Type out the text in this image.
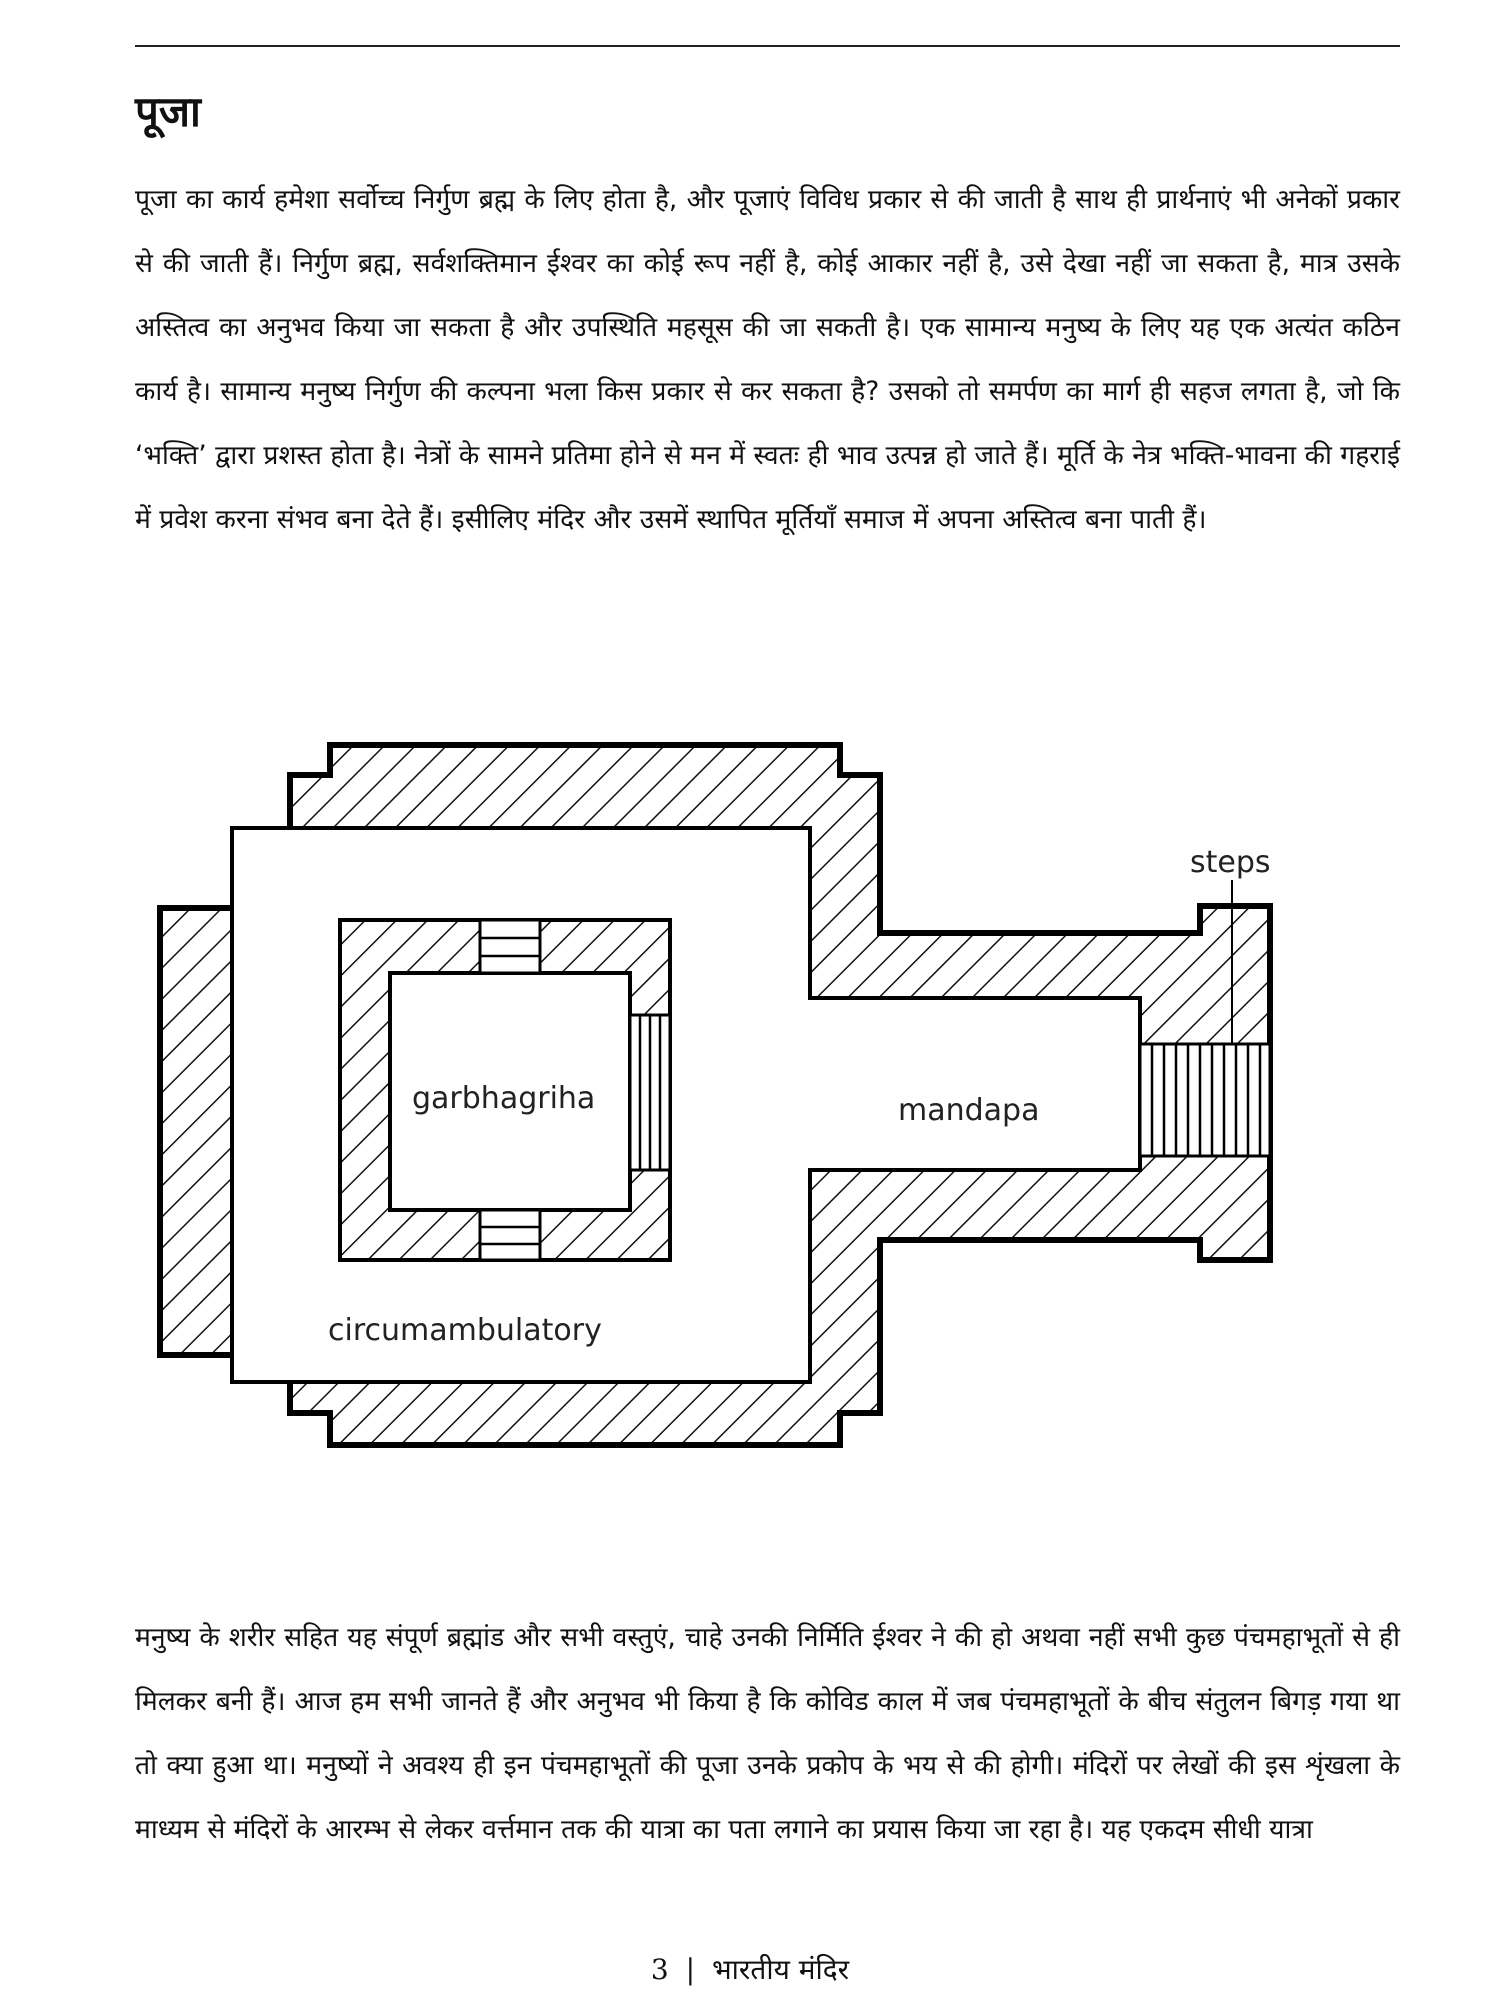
पूजा

पूजा का कार्य हमेशा सर्वोच्च निर्गुण ब्रह्म के लिए होता है, और पूजाएं विविध प्रकार से की जाती है साथ ही प्रार्थनाएं भी अनेकों प्रकार से की जाती हैं। निर्गुण ब्रह्म, सर्वशक्तिमान ईश्वर का कोई रूप नहीं है, कोई आकार नहीं है, उसे देखा नहीं जा सकता है, मात्र उसके अस्तित्व का अनुभव किया जा सकता है और उपस्थिति महसूस की जा सकती है। एक सामान्य मनुष्य के लिए यह एक अत्यंत कठिन कार्य है। सामान्य मनुष्य निर्गुण की कल्पना भला किस प्रकार से कर सकता है? उसको तो समर्पण का मार्ग ही सहज लगता है, जो कि ‘भक्ति’ द्वारा प्रशस्त होता है। नेत्रों के सामने प्रतिमा होने से मन में स्वतः ही भाव उत्पन्न हो जाते हैं। मूर्ति के नेत्र भक्ति-भावना की गहराई में प्रवेश करना संभव बना देते हैं। इसीलिए मंदिर और उसमें स्थापित मूर्तियाँ समाज में अपना अस्तित्व बना पाती हैं।

steps
garbhagriha	mandapa
circumambulatory

मनुष्य के शरीर सहित यह संपूर्ण ब्रह्मांड और सभी वस्तुएं, चाहे उनकी निर्मिति ईश्वर ने की हो अथवा नहीं सभी कुछ पंचमहाभूतों से ही मिलकर बनी हैं। आज हम सभी जानते हैं और अनुभव भी किया है कि कोविड काल में जब पंचमहाभूतों के बीच संतुलन बिगड़ गया था तो क्या हुआ था। मनुष्यों ने अवश्य ही इन पंचमहाभूतों की पूजा उनके प्रकोप के भय से की होगी। मंदिरों पर लेखों की इस शृंखला के माध्यम से मंदिरों के आरम्भ से लेकर वर्त्तमान तक की यात्रा का पता लगाने का प्रयास किया जा रहा है। यह एकदम सीधी यात्रा

3 | भारतीय मंदिर
